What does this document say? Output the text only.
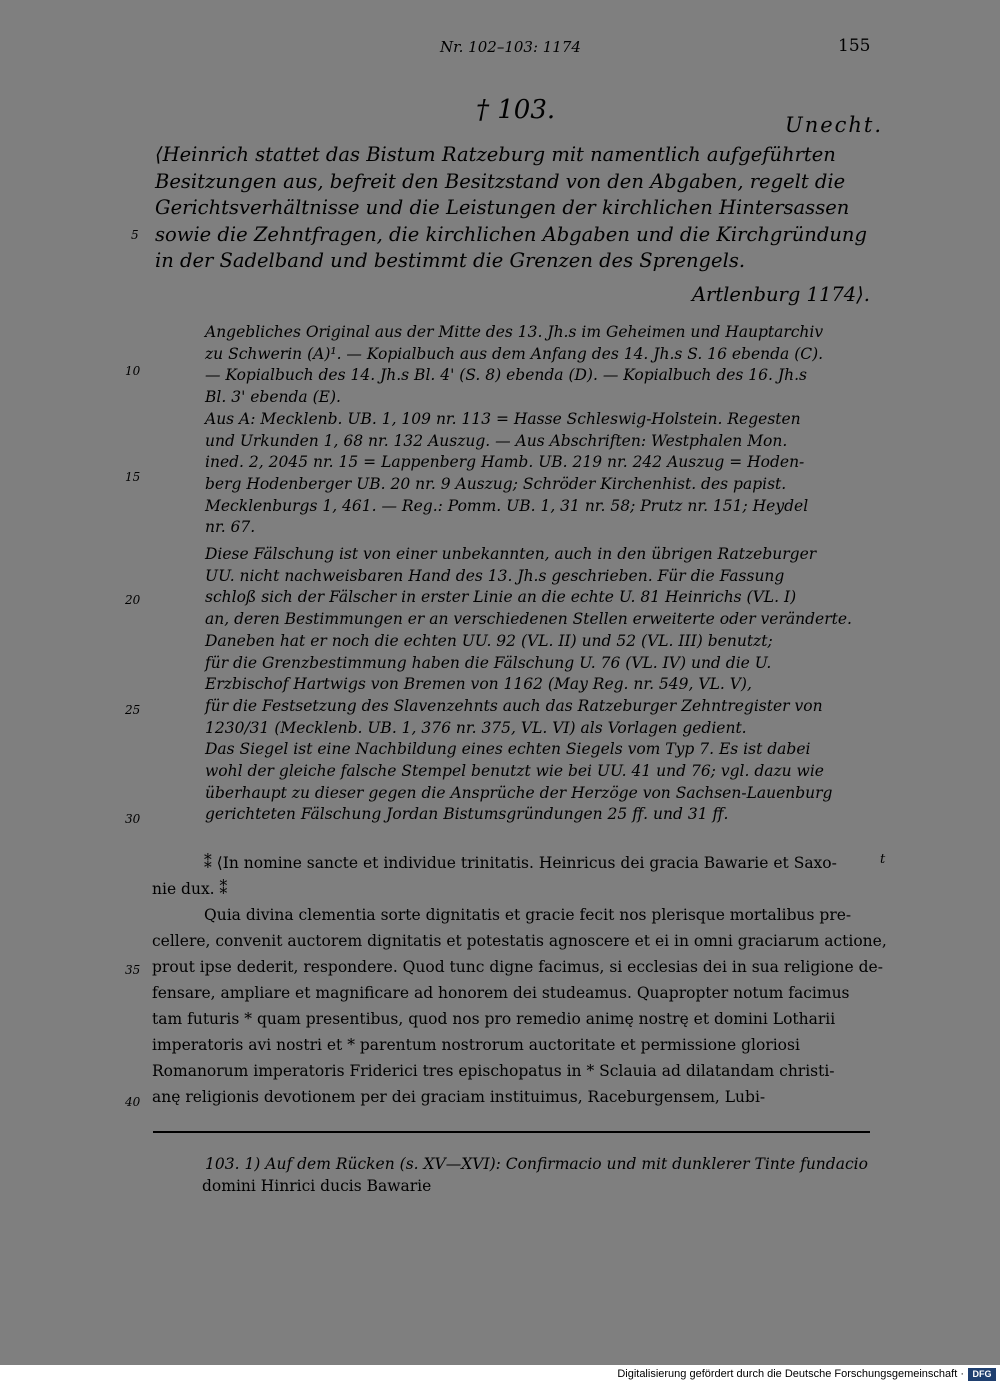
Nr. 102–103: 1174	155
† 103.	Unecht.
⟨Heinrich stattet das Bistum Ratzeburg mit namentlich aufgeführten
Besitzungen aus, befreit den Besitzstand von den Abgaben, regelt die
Gerichtsverhältnisse und die Leistungen der kirchlichen Hintersassen
sowie die Zehntfragen, die kirchlichen Abgaben und die Kirchgründung
in der Sadelband und bestimmt die Grenzen des Sprengels.
Artlenburg 1174⟩.
Angebliches Original aus der Mitte des 13. Jh.s im Geheimen und Hauptarchiv
zu Schwerin (A)¹. — Kopialbuch aus dem Anfang des 14. Jh.s S. 16 ebenda (C).
— Kopialbuch des 14. Jh.s Bl. 4' (S. 8) ebenda (D). — Kopialbuch des 16. Jh.s
Bl. 3' ebenda (E).
Aus A: Mecklenb. UB. 1, 109 nr. 113 = Hasse Schleswig-Holstein. Regesten
und Urkunden 1, 68 nr. 132 Auszug. — Aus Abschriften: Westphalen Mon.
ined. 2, 2045 nr. 15 = Lappenberg Hamb. UB. 219 nr. 242 Auszug = Hoden-
berg Hodenberger UB. 20 nr. 9 Auszug; Schröder Kirchenhist. des papist.
Mecklenburgs 1, 461. — Reg.: Pomm. UB. 1, 31 nr. 58; Prutz nr. 151; Heydel
nr. 67.
Diese Fälschung ist von einer unbekannten, auch in den übrigen Ratzeburger
UU. nicht nachweisbaren Hand des 13. Jh.s geschrieben. Für die Fassung
schloß sich der Fälscher in erster Linie an die echte U. 81 Heinrichs (VL. I)
an, deren Bestimmungen er an verschiedenen Stellen erweiterte oder veränderte.
Daneben hat er noch die echten UU. 92 (VL. II) und 52 (VL. III) benutzt;
für die Grenzbestimmung haben die Fälschung U. 76 (VL. IV) und die U.
Erzbischof Hartwigs von Bremen von 1162 (May Reg. nr. 549, VL. V),
für die Festsetzung des Slavenzehnts auch das Ratzeburger Zehntregister von
1230/31 (Mecklenb. UB. 1, 376 nr. 375, VL. VI) als Vorlagen gedient.
Das Siegel ist eine Nachbildung eines echten Siegels vom Typ 7. Es ist dabei
wohl der gleiche falsche Stempel benutzt wie bei UU. 41 und 76; vgl. dazu wie
überhaupt zu dieser gegen die Ansprüche der Herzöge von Sachsen-Lauenburg
gerichteten Fälschung Jordan Bistumsgründungen 25 ff. und 31 ff.
⁑ ⟨In nomine sancte et individue trinitatis. Heinricus dei gracia Bawarie et Saxo-
nie dux. ⁑
Quia divina clementia sorte dignitatis et gracie fecit nos plerisque mortalibus pre-
cellere, convenit auctorem dignitatis et potestatis agnoscere et ei in omni graciarum actione,
prout ipse dederit, respondere. Quod tunc digne facimus, si ecclesias dei in sua religione de-
fensare, ampliare et magnificare ad honorem dei studeamus. Quapropter notum facimus
tam futuris * quam presentibus, quod nos pro remedio animę nostrę et domini Lotharii
imperatoris avi nostri et * parentum nostrorum auctoritate et permissione gloriosi
Romanorum imperatoris Friderici tres epischopatus in * Sclauia ad dilatandam christi-
anę religionis devotionem per dei graciam instituimus, Raceburgensem, Lubi-
t
5
10
15
20
25
30
35
40
103. 1) Auf dem Rücken (s. XV—XVI): Confirmacio und mit dunklerer Tinte fundacio
domini Hinrici ducis Bawarie
Digitalisierung gefördert durch die Deutsche Forschungsgemeinschaft · DFG
